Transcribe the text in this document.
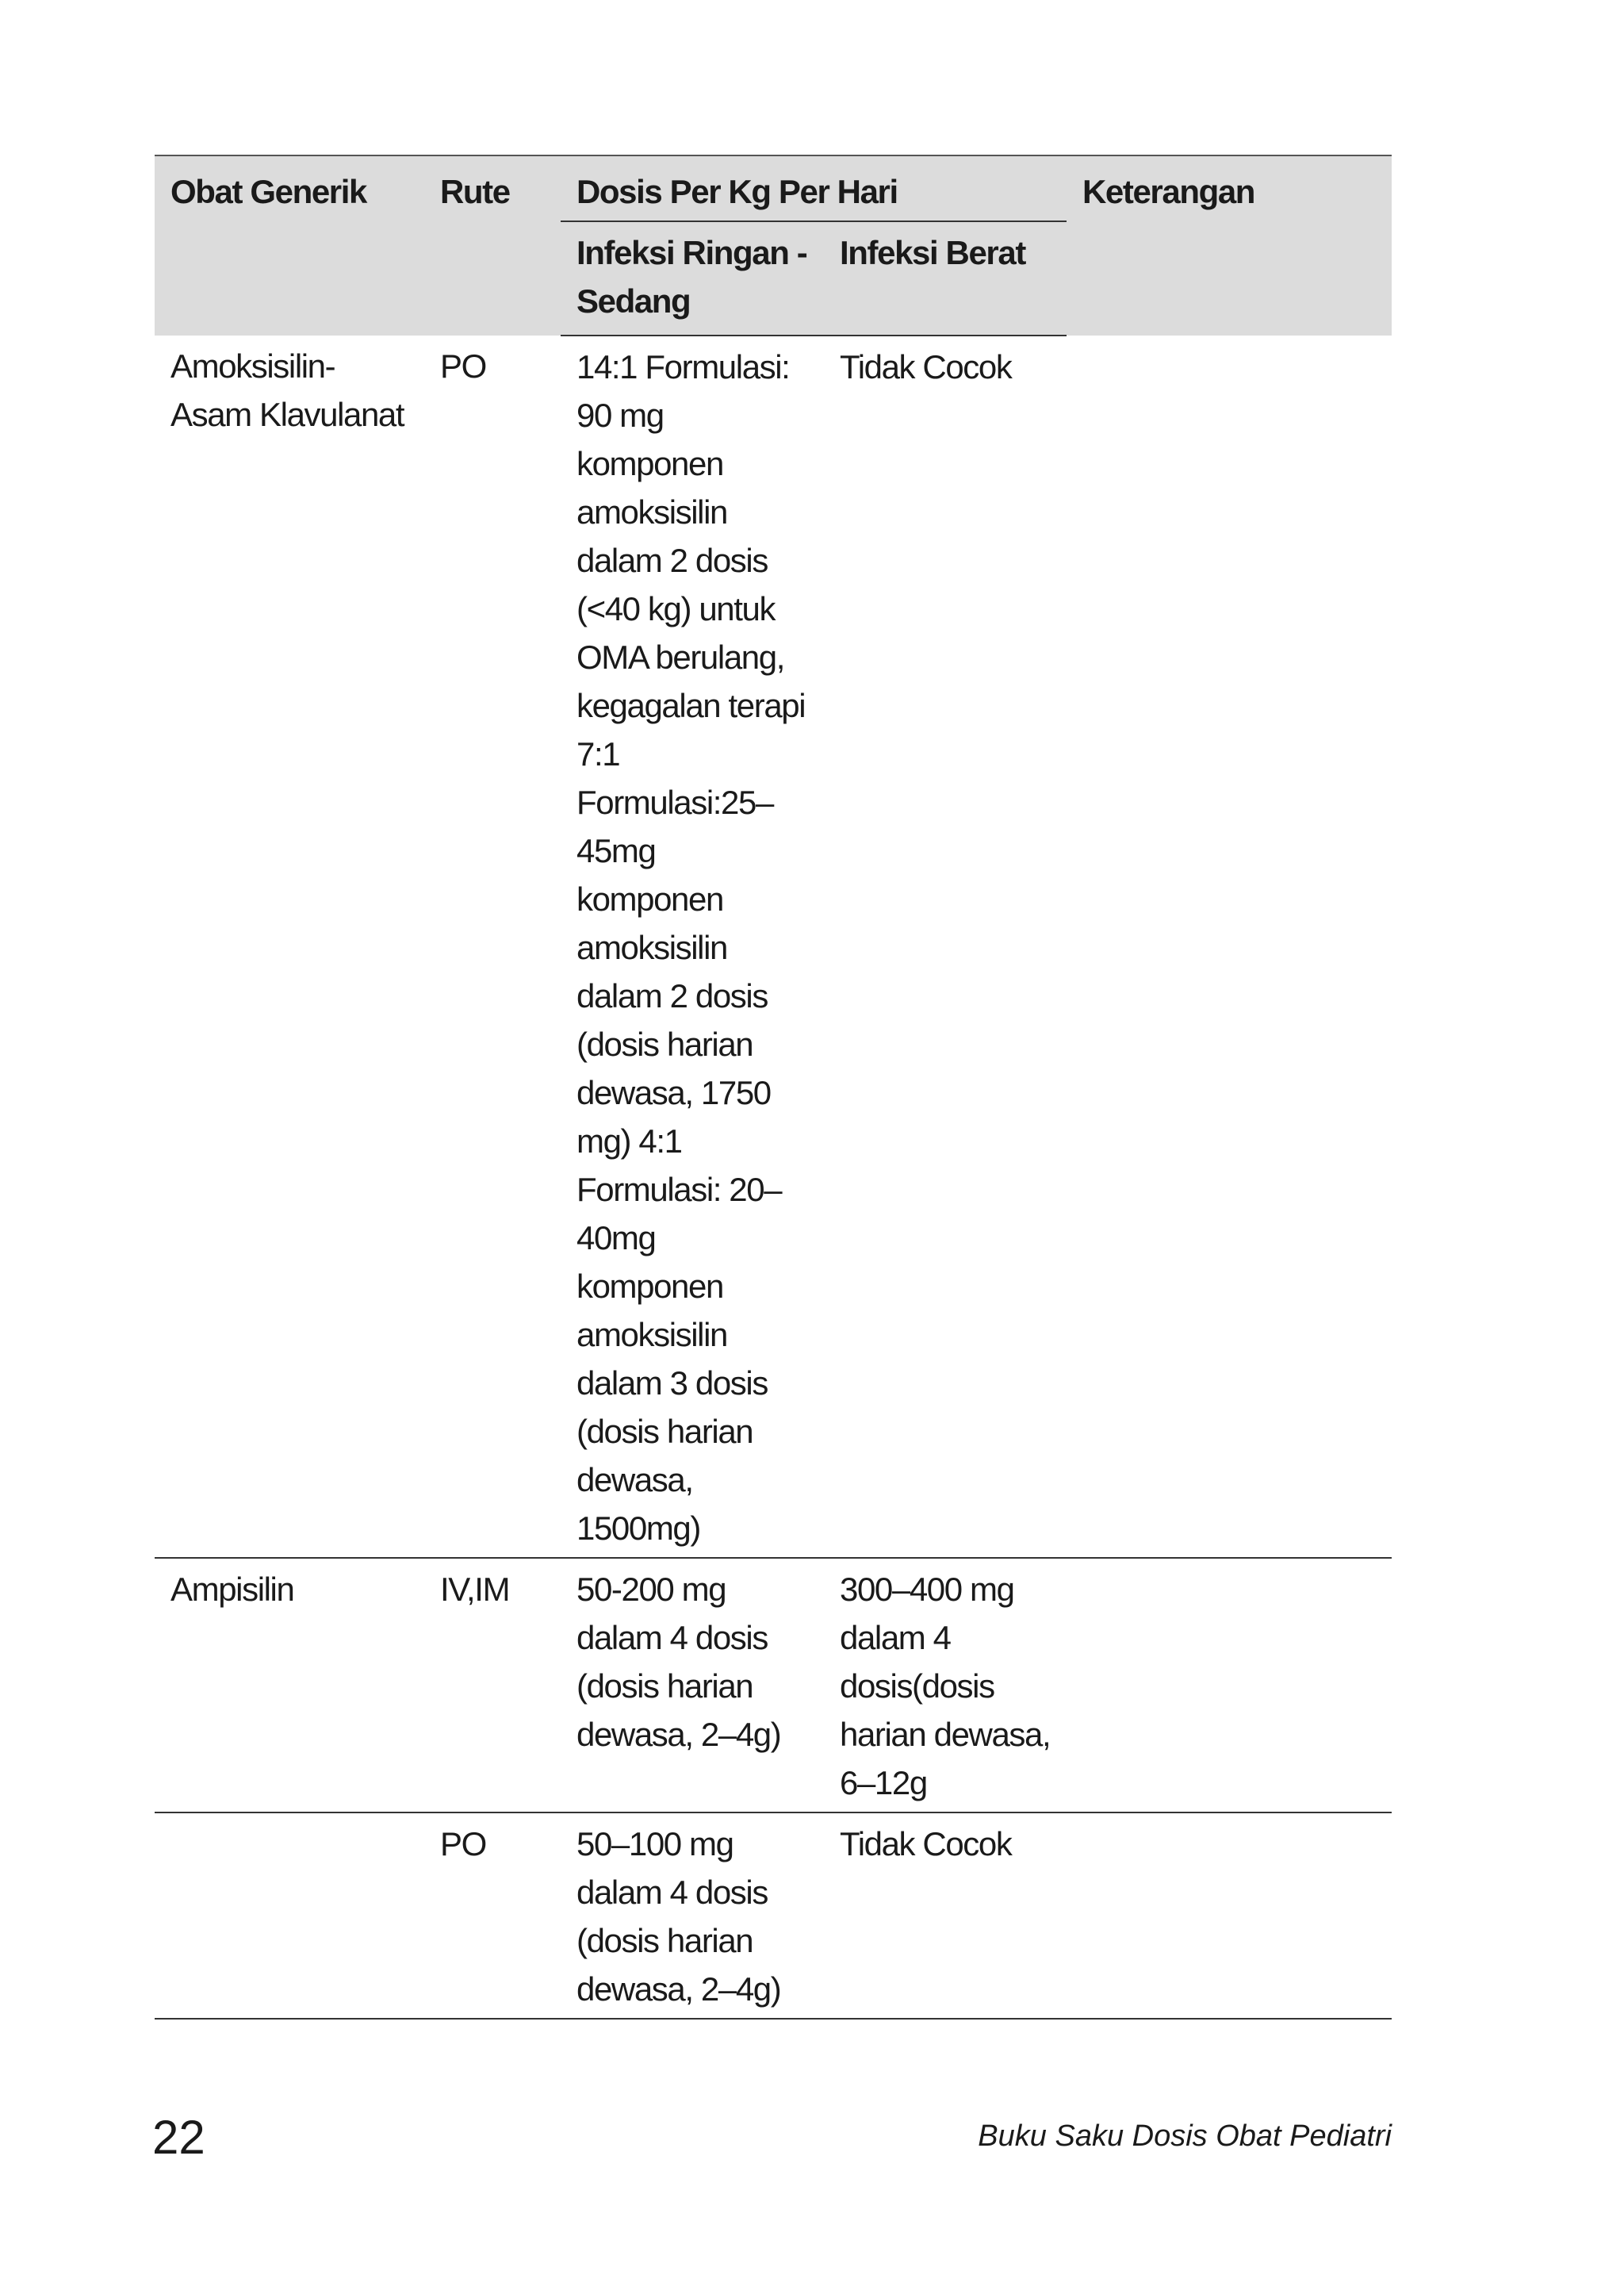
Obat Generik	Rute	Dosis Per Kg Per Hari		Keterangan
		Infeksi Ringan - Sedang	Infeksi Berat	
Amoksisilin-Asam Klavulanat	PO	14:1 Formulasi: 90 mg komponen amoksisilin dalam 2 dosis (<40 kg) untuk OMA berulang, kegagalan terapi 7:1 Formulasi:25–45mg komponen amoksisilin dalam 2 dosis (dosis harian dewasa, 1750 mg) 4:1 Formulasi: 20–40mg komponen amoksisilin dalam 3 dosis (dosis harian dewasa, 1500mg)	Tidak Cocok	
Ampisilin	IV,IM	50-200 mg dalam 4 dosis (dosis harian dewasa, 2–4g)	300–400 mg dalam 4 dosis(dosis harian dewasa, 6–12g	
	PO	50–100 mg dalam 4 dosis (dosis harian dewasa, 2–4g)	Tidak Cocok	
22	Buku Saku Dosis Obat Pediatri
